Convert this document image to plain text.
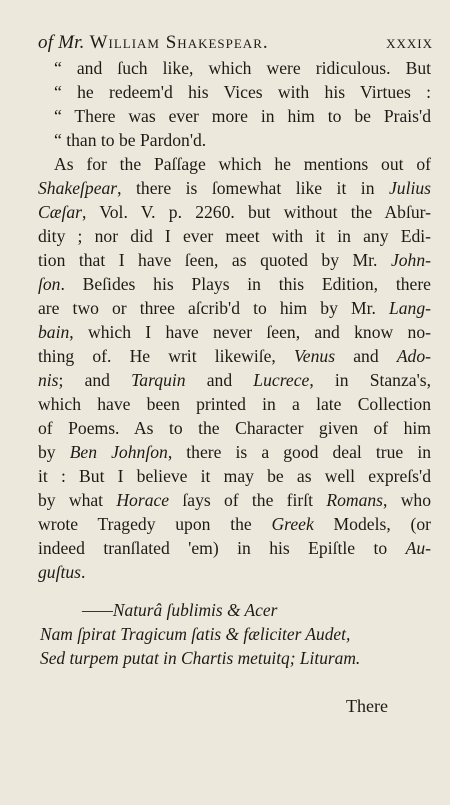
of Mr. William Shakespear.	xxxix
“ and ſuch like, which were ridiculous. But
“ he redeem'd his Vices with his Virtues :
“ There was ever more in him to be Prais'd
“ than to be Pardon'd.
As for the Paſſage which he mentions out of
Shakeſpear, there is ſomewhat like it in Julius
Cæſar, Vol. V. p. 2260. but without the Abſur-
dity ; nor did I ever meet with it in any Edi-
tion that I have ſeen, as quoted by Mr. John-
ſon. Beſides his Plays in this Edition, there
are two or three aſcrib'd to him by Mr. Lang-
bain, which I have never ſeen, and know no-
thing of. He writ likewiſe, Venus and Ado-
nis; and Tarquin and Lucrece, in Stanza's,
which have been printed in a late Collection
of Poems. As to the Character given of him
by Ben Johnſon, there is a good deal true in
it : But I believe it may be as well expreſs'd
by what Horace ſays of the firſt Romans, who
wrote Tragedy upon the Greek Models, (or
indeed tranſlated 'em) in his Epiſtle to Au-
guſtus.
——Naturâ ſublimis & Acer
Nam ſpirat Tragicum ſatis & fæliciter Audet,
Sed turpem putat in Chartis metuitq; Lituram.
There
